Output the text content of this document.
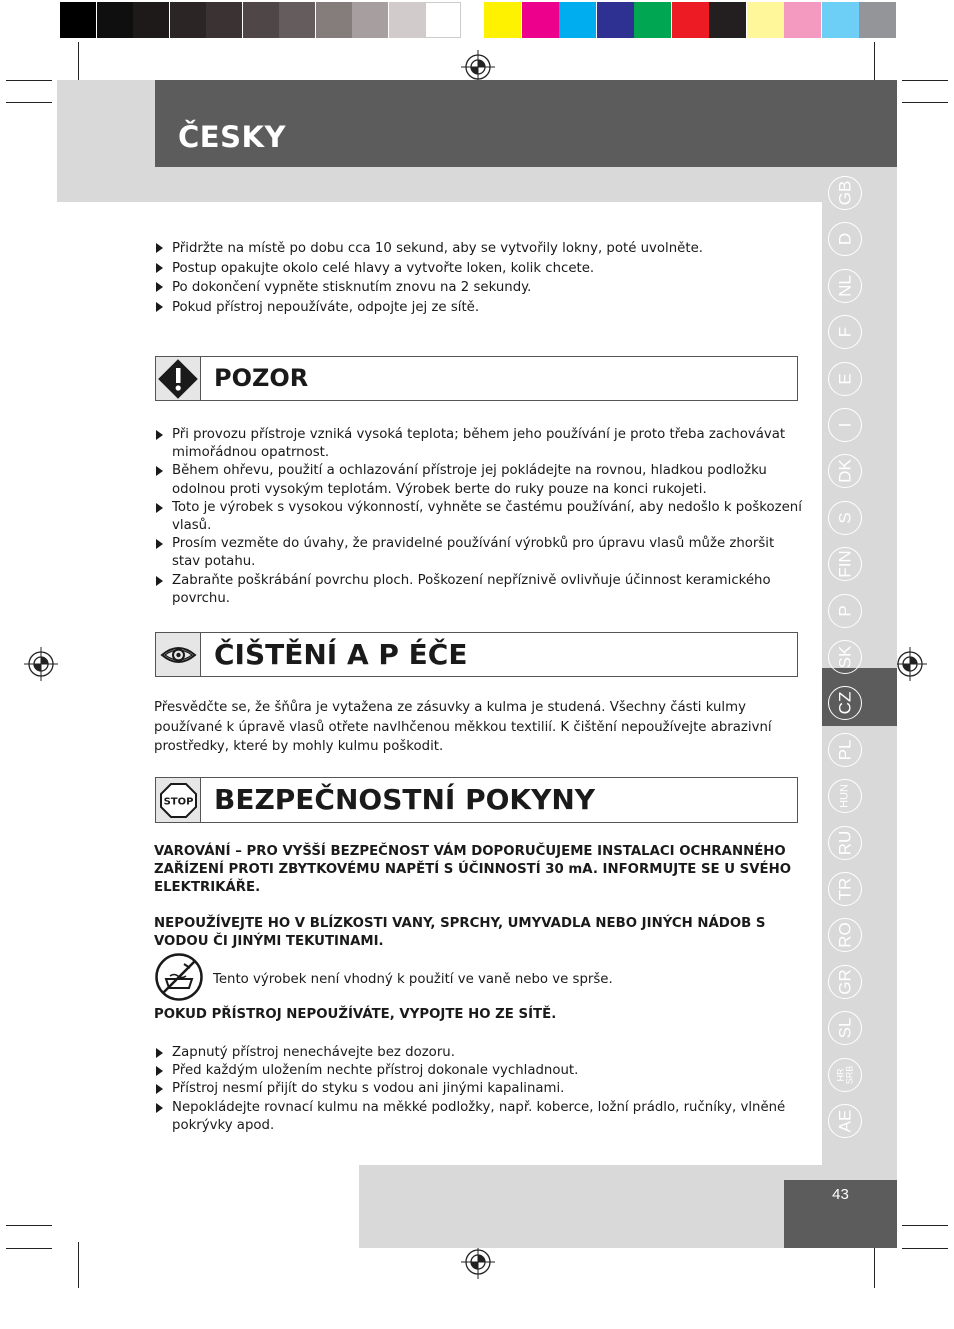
ČESKY
GB
D
NL
F
E
I
DK
S
FIN
P
SK
CZ
PL
HUN
RU
TR
RO
GR
SL
HR
SRB
AE
Přidržte na místě po dobu cca 10 sekund, aby se vytvořily lokny, poté uvolněte.
Postup opakujte okolo celé hlavy a vytvořte loken, kolik chcete.
Po dokončení vypněte stisknutím znovu na 2 sekundy.
Pokud přístroj nepoužíváte, odpojte jej ze sítě.
POZOR
Při provozu přístroje vzniká vysoká teplota; během jeho používání je proto třeba zachovávat mimořádnou opatrnost.
Během ohřevu, použití a ochlazování přístroje jej pokládejte na rovnou, hladkou podložku odolnou proti vysokým teplotám. Výrobek berte do ruky pouze na konci rukojeti.
Toto je výrobek s vysokou výkonností, vyhněte se častému používání, aby nedošlo k poškození vlasů.
Prosím vezměte do úvahy, že pravidelné používání výrobků pro úpravu vlasů může zhoršit stav potahu.
Zabraňte poškrábání povrchu ploch. Poškození nepříznivě ovlivňuje účinnost keramického povrchu.
ČIŠTĚNÍ A P ÉČE

Přesvědčte se, že šňůra je vytažena ze zásuvky a kulma je studená. Všechny části kulmy používané k úpravě vlasů otřete navlhčenou měkkou textilií. K čištění nepoužívejte abrazivní prostředky, které by mohly kulmu poškodit.

STOP BEZPEČNOSTNÍ POKYNY

VAROVÁNÍ – PRO VYŠŠÍ BEZPEČNOST VÁM DOPORUČUJEME INSTALACI OCHRANNÉHO ZAŘÍZENÍ PROTI ZBYTKOVÉMU NAPĚTÍ S ÚČINNOSTÍ 30 mA. INFORMUJTE SE U SVÉHO ELEKTRIKÁŘE.

NEPOUŽÍVEJTE HO V BLÍZKOSTI VANY, SPRCHY, UMYVADLA NEBO JINÝCH NÁDOB S VODOU ČI JINÝMI TEKUTINAMI.

Tento výrobek není vhodný k použití ve vaně nebo ve sprše.

POKUD PŘÍSTROJ NEPOUŽÍVÁTE, VYPOJTE HO ZE SÍTĚ.

Zapnutý přístroj nenechávejte bez dozoru.
Před každým uložením nechte přístroj dokonale vychladnout.
Přístroj nesmí přijít do styku s vodou ani jinými kapalinami.
Nepokládejte rovnací kulmu na měkké podložky, např. koberce, ložní prádlo, ručníky, vlněné pokrývky apod.
43
